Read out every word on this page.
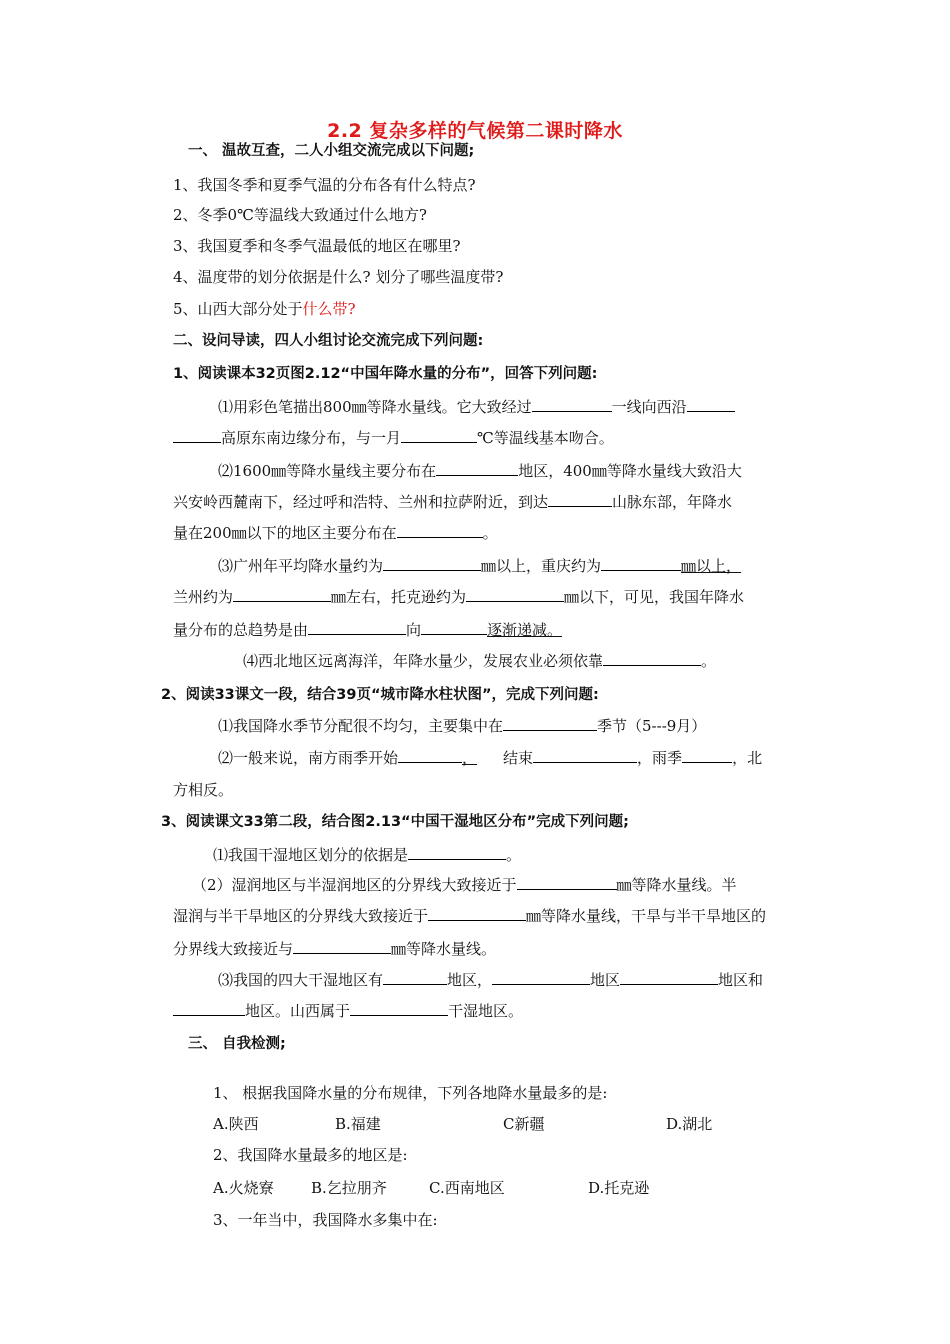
2.2 复杂多样的气候第二课时降水
一、 温故互查，二人小组交流完成以下问题;
1、我国冬季和夏季气温的分布各有什么特点?
2、冬季0℃等温线大致通过什么地方?
3、我国夏季和冬季气温最低的地区在哪里?
4、温度带的划分依据是什么? 划分了哪些温度带?
5、山西大部分处于什么带?
二、设问导读，四人小组讨论交流完成下列问题:
1、阅读课本32页图2.12“中国年降水量的分布”，回答下列问题:
⑴用彩色笔描出800㎜等降水量线。它大致经过	一线向西沿
高原东南边缘分布，与一月	℃等温线基本吻合。
⑵1600㎜等降水量线主要分布在	地区，400㎜等降水量线大致沿大
兴安岭西麓南下，经过呼和浩特、兰州和拉萨附近，到达	山脉东部，年降水
量在200㎜以下的地区主要分布在	。
⑶广州年平均降水量约为	㎜以上，重庆约为	㎜以上，
兰州约为	㎜左右，托克逊约为	㎜以下，可见，我国年降水
量分布的总趋势是由	向	逐渐递减。
⑷西北地区远离海洋，年降水量少，发展农业必须依靠	。
2、阅读33课文一段，结合39页“城市降水柱状图”，完成下列问题:
⑴我国降水季节分配很不均匀，主要集中在	季节（5---9月）
⑵一般来说，南方雨季开始	， 结束	，雨季	，北
方相反。
3、阅读课文33第二段，结合图2.13“中国干湿地区分布”完成下列问题;
⑴我国干湿地区划分的依据是	。
（2）湿润地区与半湿润地区的分界线大致接近于	㎜等降水量线。半
湿润与半干旱地区的分界线大致接近于	㎜等降水量线，干旱与半干旱地区的
分界线大致接近与	㎜等降水量线。
⑶我国的四大干湿地区有	地区，	地区	地区和
地区。山西属于	干湿地区。
三、 自我检测;
1、 根据我国降水量的分布规律，下列各地降水量最多的是:
A.陕西	B.福建	C新疆	D.湖北
2、我国降水量最多的地区是:
A.火烧寮 B.乞拉朋齐	C.西南地区	D.托克逊
3、一年当中，我国降水多集中在:
